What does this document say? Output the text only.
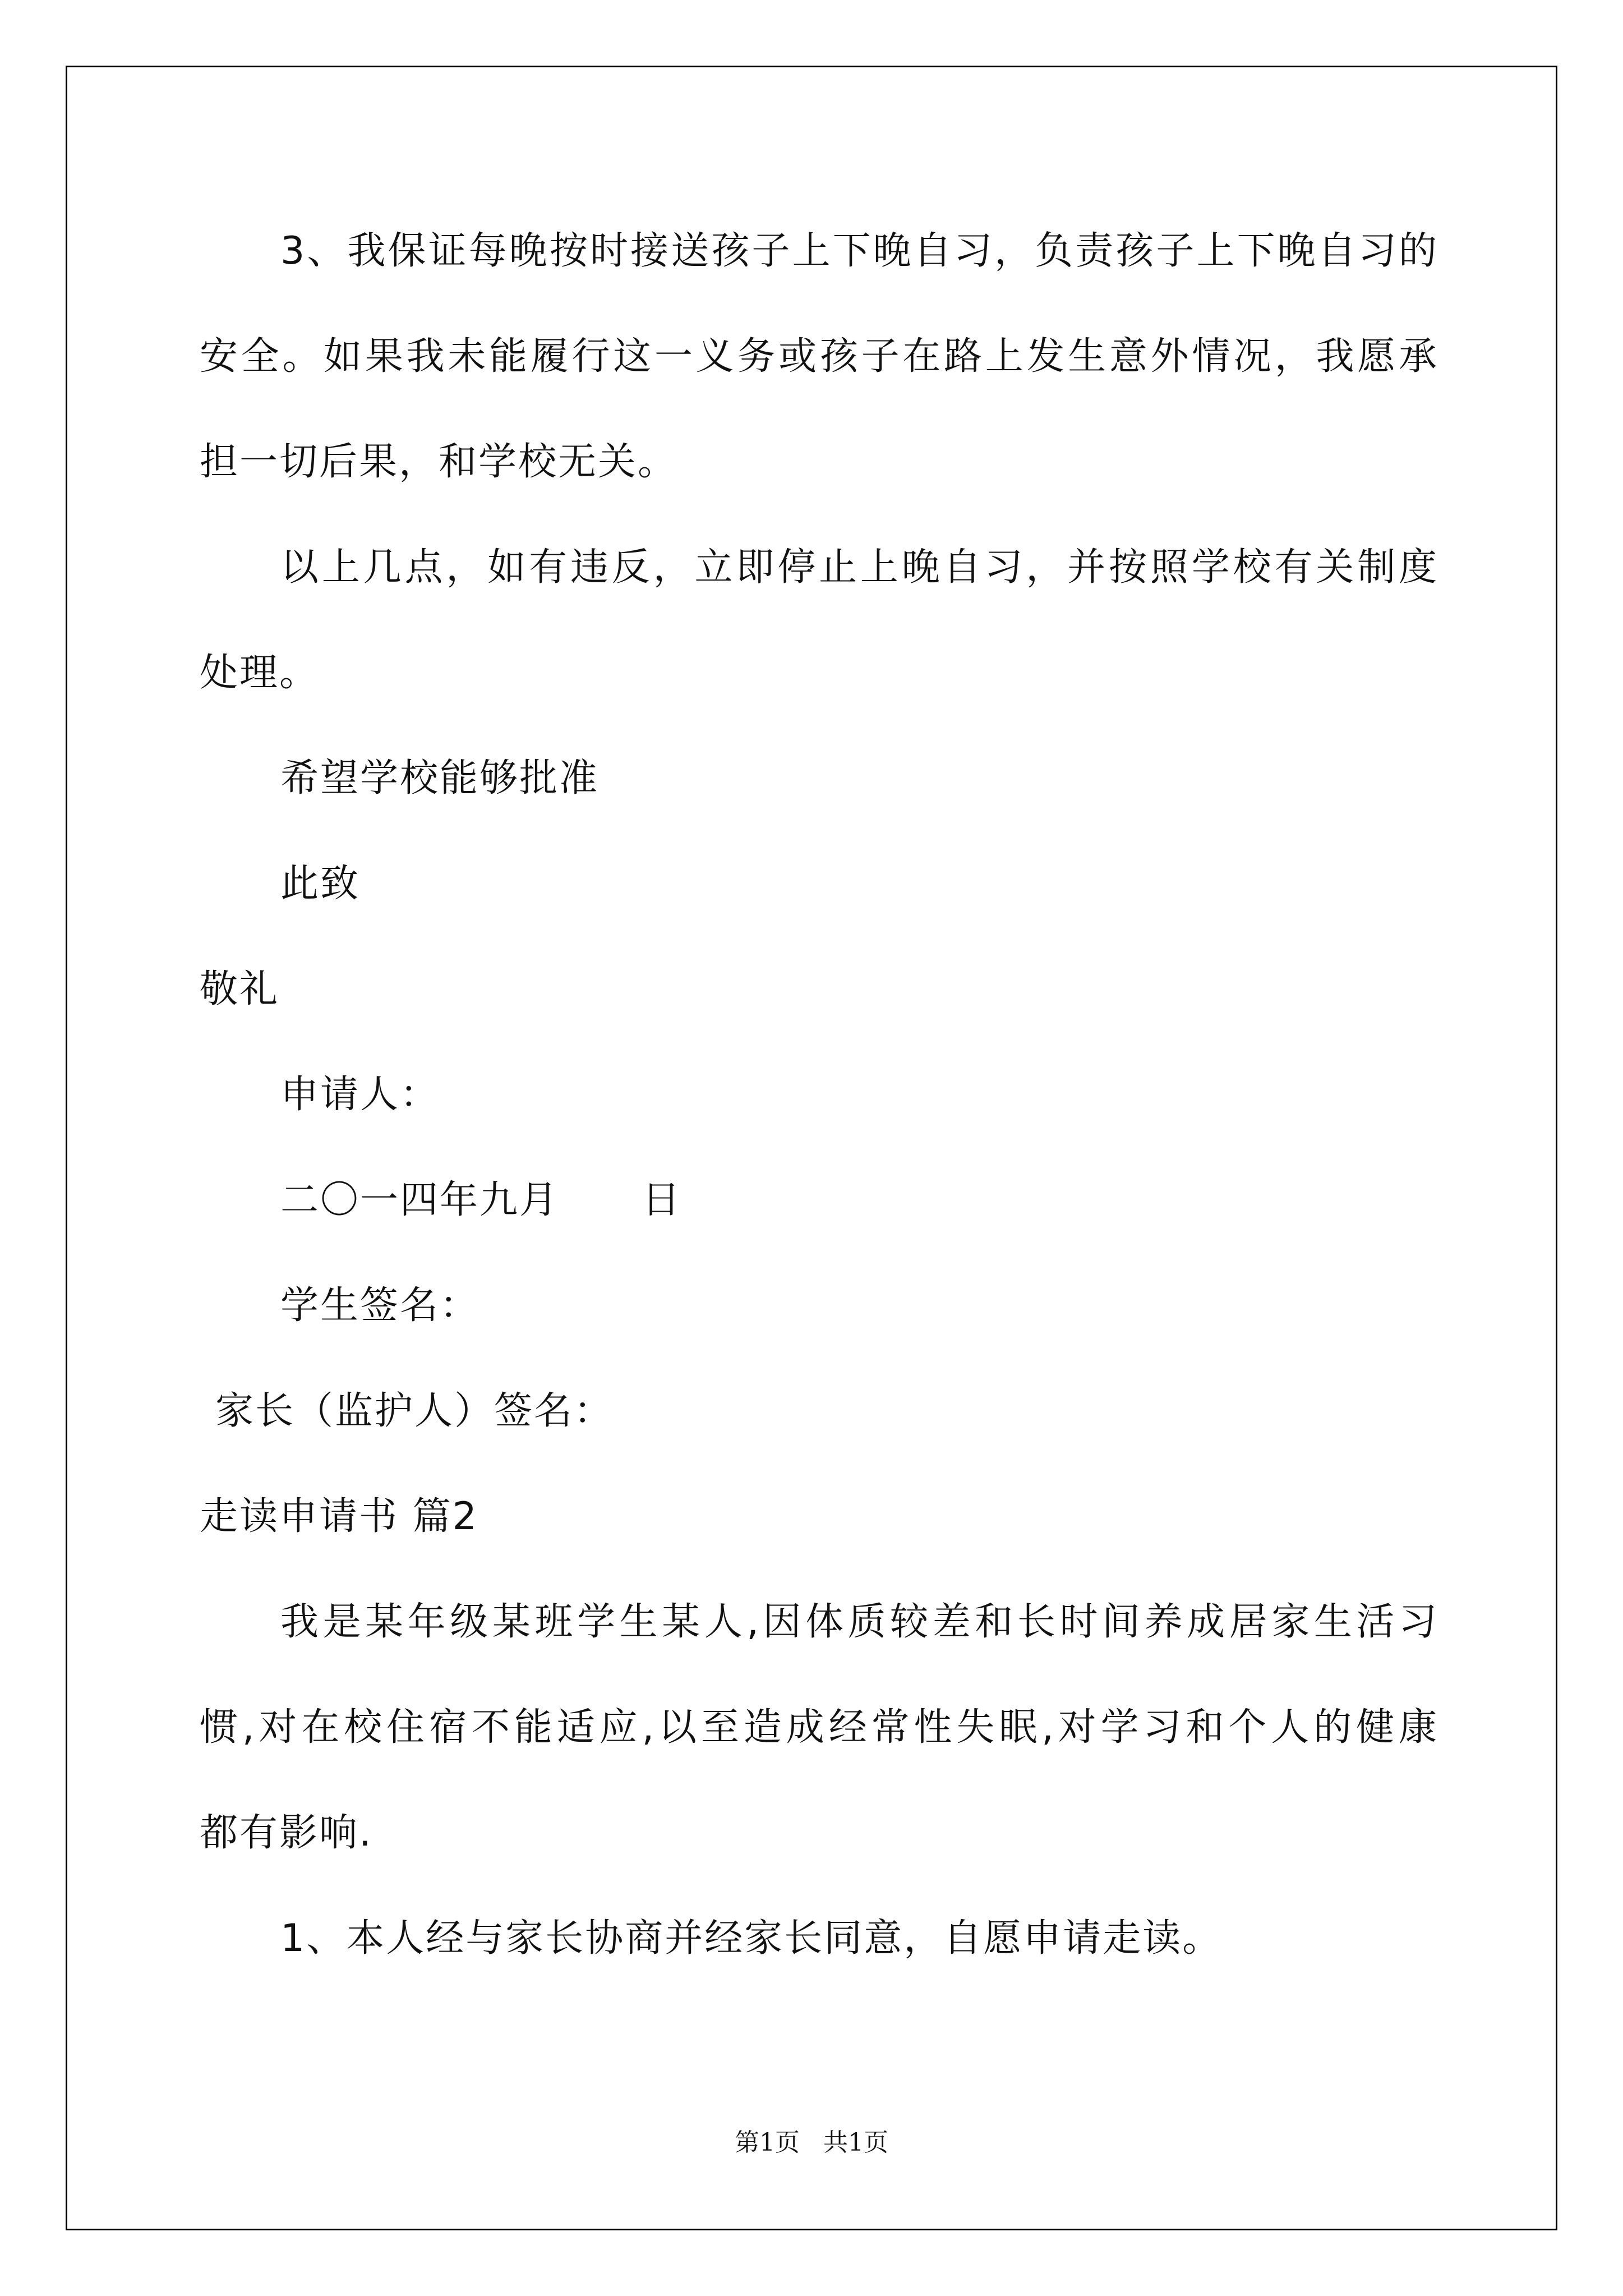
3、我保证每晚按时接送孩子上下晚自习，负责孩子上下晚自习的
安全。如果我未能履行这一义务或孩子在路上发生意外情况，我愿承
担一切后果，和学校无关。
以上几点，如有违反，立即停止上晚自习，并按照学校有关制度
处理。
希望学校能够批准
此致
敬礼
申请人：
二〇一四年九月      日
学生签名：
家长（监护人）签名：
走读申请书 篇2
我是某年级某班学生某人,因体质较差和长时间养成居家生活习
惯,对在校住宿不能适应,以至造成经常性失眠,对学习和个人的健康
都有影响.
1、本人经与家长协商并经家长同意，自愿申请走读。
第1页   共1页
